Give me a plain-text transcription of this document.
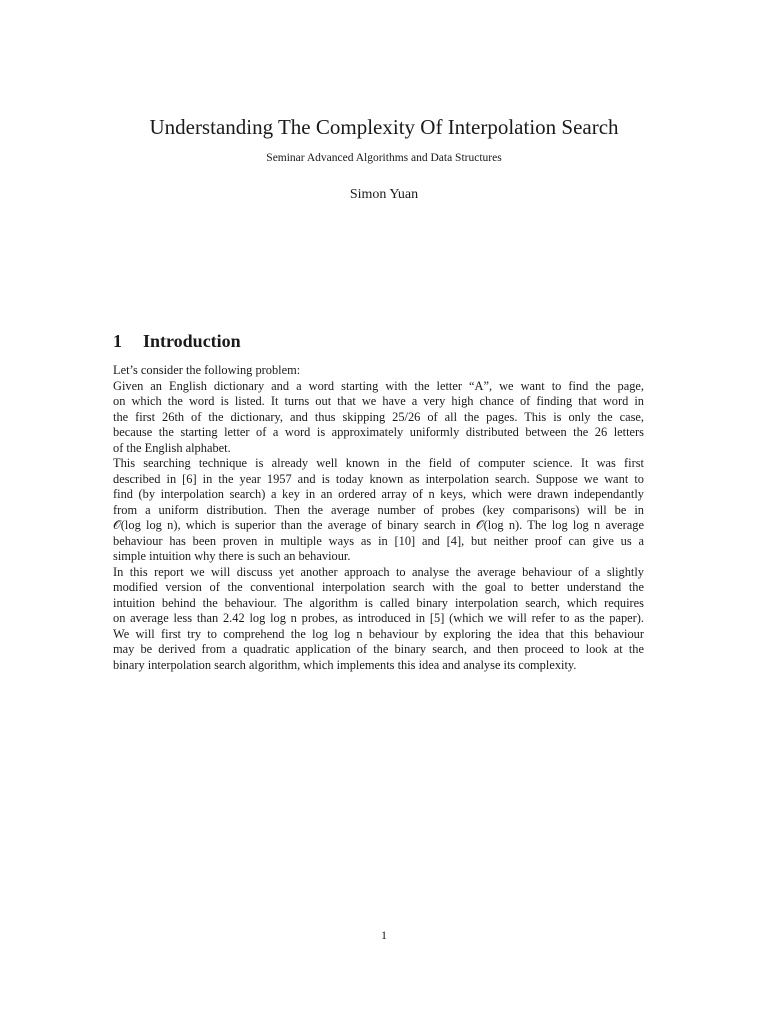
Understanding The Complexity Of Interpolation Search
Seminar Advanced Algorithms and Data Structures
Simon Yuan
1 Introduction
Let’s consider the following problem:
Given an English dictionary and a word starting with the letter “A”, we want to find the page,
on which the word is listed. It turns out that we have a very high chance of finding that word in
the first 26th of the dictionary, and thus skipping 25/26 of all the pages. This is only the case,
because the starting letter of a word is approximately uniformly distributed between the 26 letters
of the English alphabet.
This searching technique is already well known in the field of computer science. It was first
described in [6] in the year 1957 and is today known as interpolation search. Suppose we want to
find (by interpolation search) a key in an ordered array of n keys, which were drawn independantly
from a uniform distribution. Then the average number of probes (key comparisons) will be in
𝒪(log log n), which is superior than the average of binary search in 𝒪(log n). The log log n average
behaviour has been proven in multiple ways as in [10] and [4], but neither proof can give us a
simple intuition why there is such an behaviour.
In this report we will discuss yet another approach to analyse the average behaviour of a slightly
modified version of the conventional interpolation search with the goal to better understand the
intuition behind the behaviour. The algorithm is called binary interpolation search, which requires
on average less than 2.42 log log n probes, as introduced in [5] (which we will refer to as the paper).
We will first try to comprehend the log log n behaviour by exploring the idea that this behaviour
may be derived from a quadratic application of the binary search, and then proceed to look at the
binary interpolation search algorithm, which implements this idea and analyse its complexity.
1
